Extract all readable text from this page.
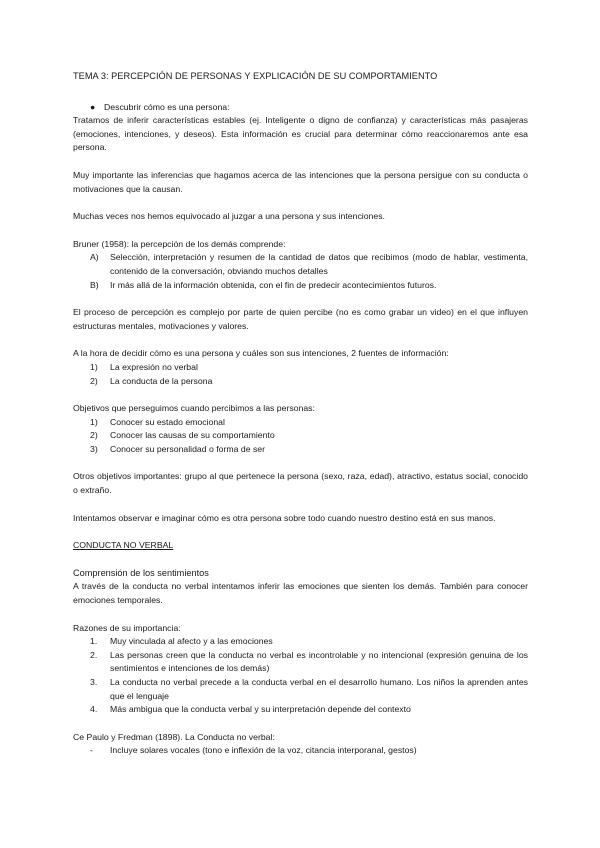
TEMA 3: PERCEPCIÓN DE PERSONAS Y EXPLICACIÓN DE SU COMPORTAMIENTO

● Descubrir cómo es una persona:

Tratamos de inferir características estables (ej. Inteligente o digno de confianza) y características más pasajeras (emociones, intenciones, y deseos). Esta información es crucial para determinar cómo reaccionaremos ante esa persona.

Muy importante las inferencias que hagamos acerca de las intenciones que la persona persigue con su conducta o motivaciones que la causan.

Muchas veces nos hemos equivocado al juzgar a una persona y sus intenciones.

Bruner (1958): la percepción de los demás comprende:

A) Selección, interpretación y resumen de la cantidad de datos que recibimos (modo de hablar, vestimenta, contenido de la conversación, obviando muchos detalles
B) Ir más allá de la información obtenida, con el fin de predecir acontecimientos futuros.

El proceso de percepción es complejo por parte de quien percibe (no es como grabar un video) en el que influyen estructuras mentales, motivaciones y valores.

A la hora de decidir cómo es una persona y cuáles son sus intenciones, 2 fuentes de información:

1) La expresión no verbal
2) La conducta de la persona

Objetivos que perseguimos cuando percibimos a las personas:

1) Conocer su estado emocional
2) Conocer las causas de su comportamiento
3) Conocer su personalidad o forma de ser

Otros objetivos importantes: grupo al que pertenece la persona (sexo, raza, edad), atractivo, estatus social, conocido o extraño.

Intentamos observar e imaginar cómo es otra persona sobre todo cuando nuestro destino está en sus manos.

CONDUCTA NO VERBAL

Comprensión de los sentimientos

A través de la conducta no verbal intentamos inferir las emociones que sienten los demás. También para conocer emociones temporales.

Razones de su importancia:

1. Muy vinculada al afecto y a las emociones
2. Las personas creen que la conducta no verbal es incontrolable y no intencional (expresión genuina de los sentimientos e intenciones de los demás)
3. La conducta no verbal precede a la conducta verbal en el desarrollo humano. Los niños la aprenden antes que el lenguaje
4. Más ambigua que la conducta verbal y su interpretación depende del contexto

Ce Paulo y Fredman (1898). La Conducta no verbal:

- Incluye solares vocales (tono e inflexión de la voz, citancia interporanal, gestos)
